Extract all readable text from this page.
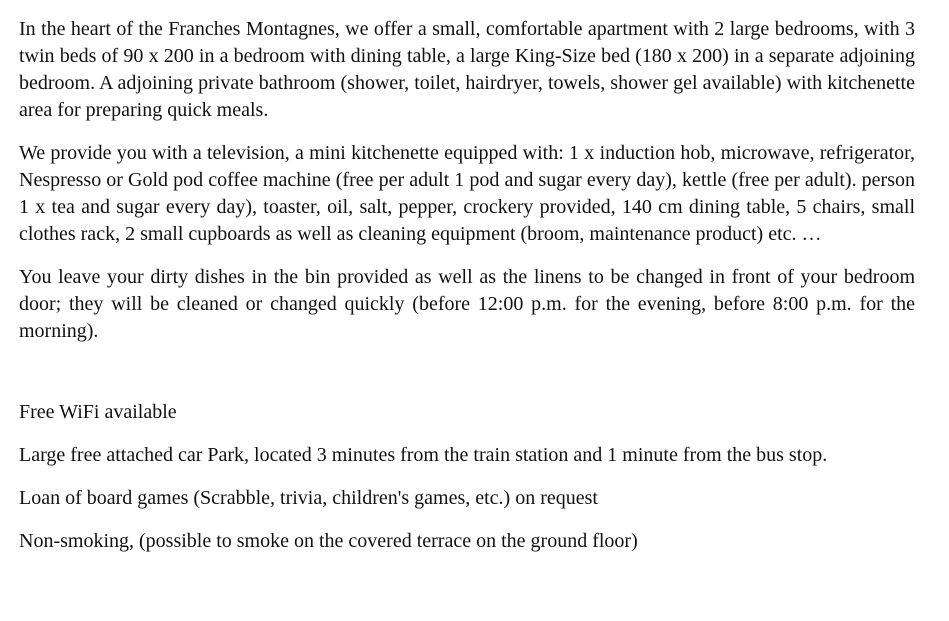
In the heart of the Franches Montagnes, we offer a small, comfortable apartment with 2 large bedrooms, with 3 twin beds of 90 x 200 in a bedroom with dining table, a large King-Size bed (180 x 200) in a separate adjoining bedroom. A adjoining private bathroom (shower, toilet, hairdryer, towels, shower gel available) with kitchenette area for preparing quick meals.

We provide you with a television, a mini kitchenette equipped with: 1 x induction hob, microwave, refrigerator, Nespresso or Gold pod coffee machine (free per adult 1 pod and sugar every day), kettle (free per adult). person 1 x tea and sugar every day), toaster, oil, salt, pepper, crockery provided, 140 cm dining table, 5 chairs, small clothes rack, 2 small cupboards as well as cleaning equipment (broom, maintenance product) etc. …

You leave your dirty dishes in the bin provided as well as the linens to be changed in front of your bedroom door; they will be cleaned or changed quickly (before 12:00 p.m. for the evening, before 8:00 p.m. for the morning).

Free WiFi available

Large free attached car Park, located 3 minutes from the train station and 1 minute from the bus stop.

Loan of board games (Scrabble, trivia, children's games, etc.) on request

Non-smoking, (possible to smoke on the covered terrace on the ground floor)
